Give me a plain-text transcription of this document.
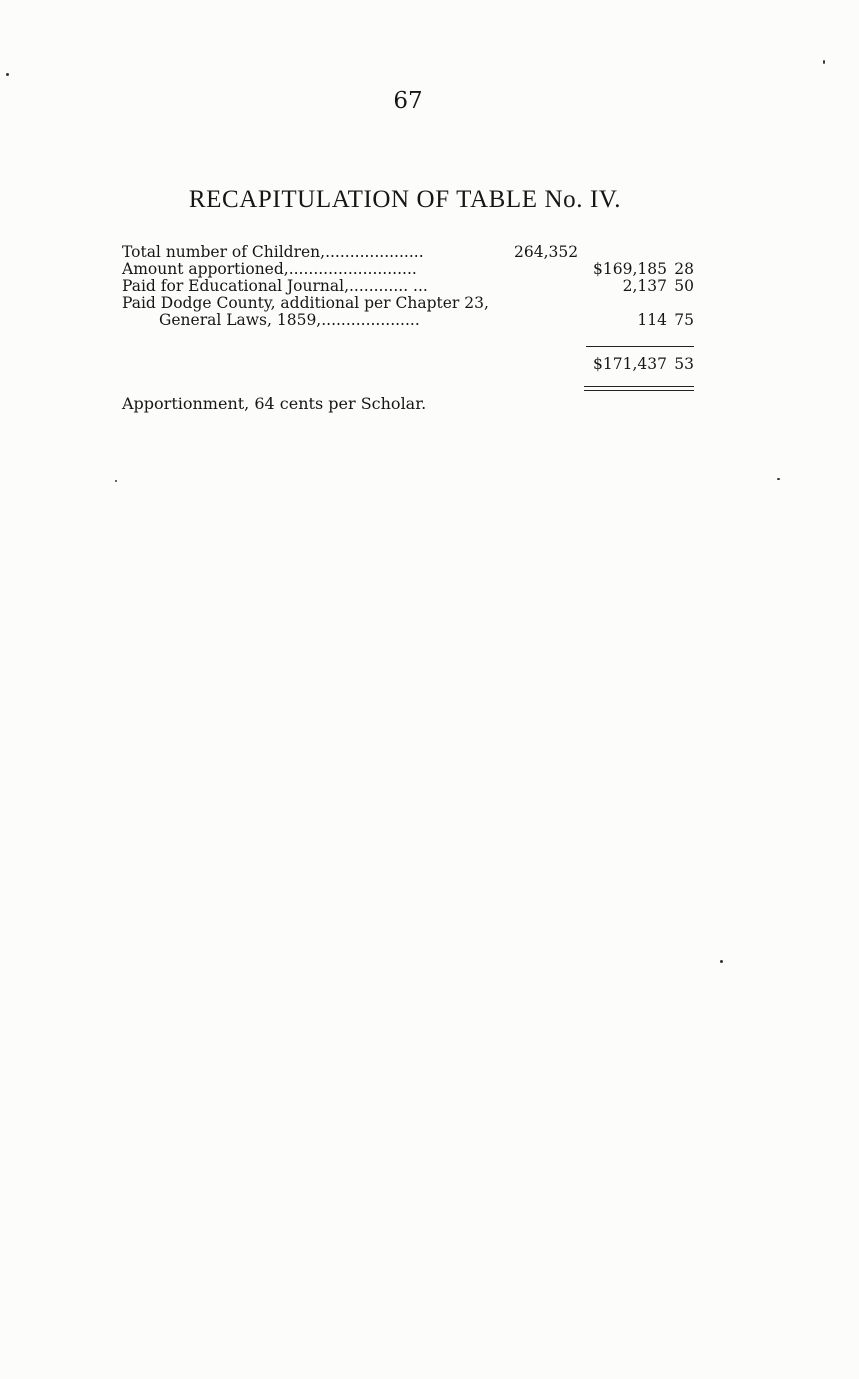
67
RECAPITULATION OF TABLE No. IV.
Total number of Children,....................	264,352
Amount apportioned,..........................	$169,185 28
Paid for Educational Journal,............ ...	2,137 50
Paid Dodge County, additional per Chapter 23,
General Laws, 1859,....................	114 75
$171,437 53
Apportionment, 64 cents per Scholar.
